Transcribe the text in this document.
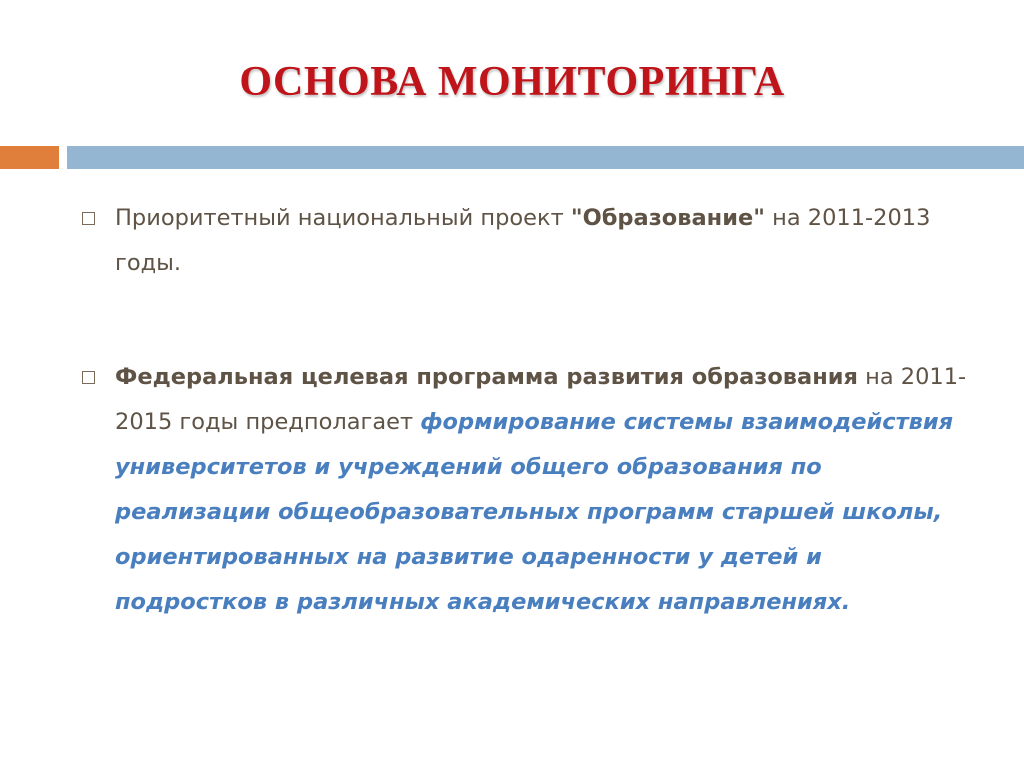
ОСНОВА МОНИТОРИНГА
Приоритетный национальный проект "Образование" на 2011-2013 годы.
Федеральная целевая программа развития образования на 2011- 2015 годы предполагает формирование системы взаимодействия университетов и учреждений общего образования по реализации общеобразовательных программ старшей школы, ориентированных на развитие одаренности у детей и подростков в различных академических направлениях.
